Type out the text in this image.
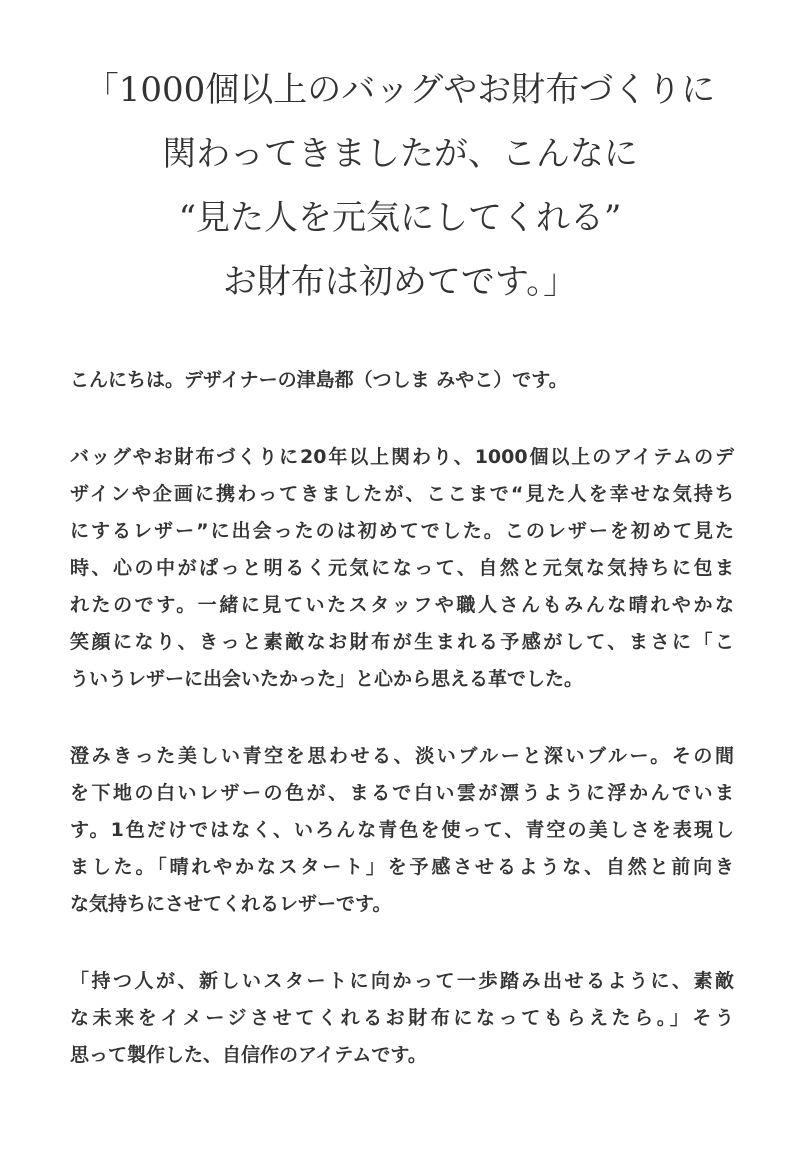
「1000個以上のバッグやお財布づくりに
関わってきましたが、こんなに
“見た人を元気にしてくれる”
お財布は初めてです。」

こんにちは。デザイナーの津島都（つしま みやこ）です。

バッグやお財布づくりに20年以上関わり、1000個以上のアイテムのデ
ザインや企画に携わってきましたが、ここまで“見た人を幸せな気持ち
にするレザー”に出会ったのは初めてでした。このレザーを初めて見た
時、心の中がぱっと明るく元気になって、自然と元気な気持ちに包ま
れたのです。一緒に見ていたスタッフや職人さんもみんな晴れやかな
笑顔になり、きっと素敵なお財布が生まれる予感がして、まさに「こ
ういうレザーに出会いたかった」と心から思える革でした。

澄みきった美しい青空を思わせる、淡いブルーと深いブルー。その間
を下地の白いレザーの色が、まるで白い雲が漂うように浮かんでいま
す。1色だけではなく、いろんな青色を使って、青空の美しさを表現し
ました。「晴れやかなスタート」を予感させるような、自然と前向き
な気持ちにさせてくれるレザーです。

「持つ人が、新しいスタートに向かって一歩踏み出せるように、素敵
な未来をイメージさせてくれるお財布になってもらえたら。」そう
思って製作した、自信作のアイテムです。
